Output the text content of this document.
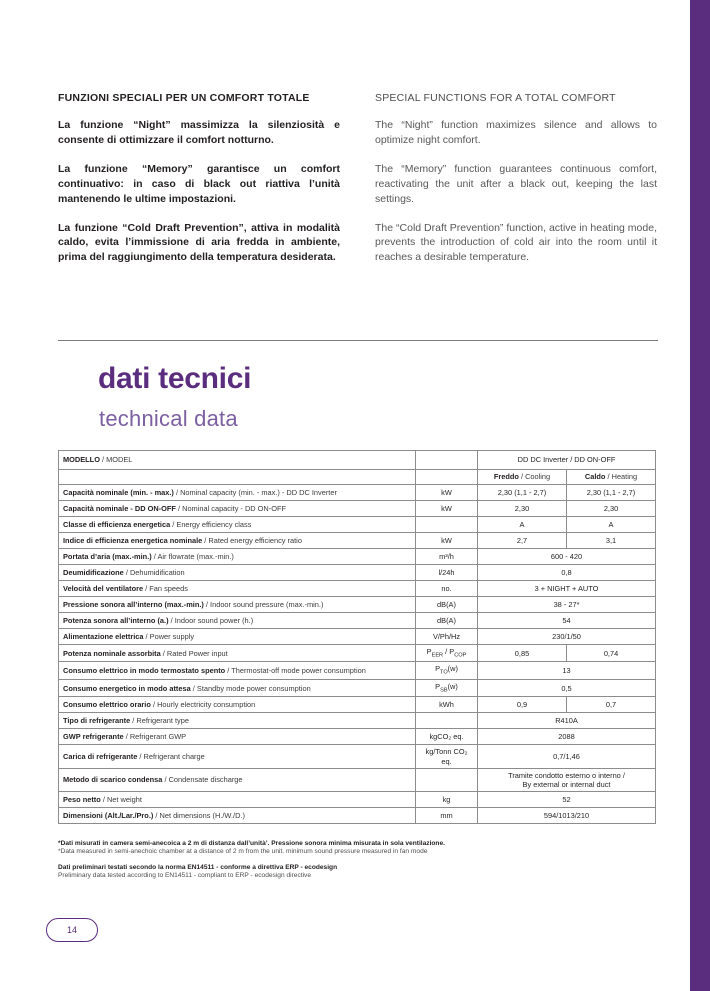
FUNZIONI SPECIALI PER UN COMFORT TOTALE

La funzione “Night” massimizza la silenziosità e consente di ottimizzare il comfort notturno.

La funzione “Memory” garantisce un comfort continuativo: in caso di black out riattiva l’unità mantenendo le ultime impostazioni.

La funzione “Cold Draft Prevention”, attiva in modalità caldo, evita l’immissione di aria fredda in ambiente, prima del raggiungimento della temperatura desiderata.

SPECIAL FUNCTIONS FOR A TOTAL COMFORT

The “Night” function maximizes silence and allows to optimize night comfort.

The “Memory” function guarantees continuous comfort, reactivating the unit after a black out, keeping the last settings.

The “Cold Draft Prevention” function, active in heating mode, prevents the introduction of cold air into the room until it reaches a desirable temperature.

dati tecnici
technical data
MODELLO / MODEL		DD DC Inverter / DD ON-OFF	
		Freddo / Cooling	Caldo / Heating
Capacità nominale (min. - max.) / Nominal capacity (min. - max.) - DD DC Inverter	kW	2,30 (1,1 - 2,7)	2,30 (1,1 - 2,7)
Capacità nominale - DD ON-OFF / Nominal capacity - DD ON-OFF	kW	2,30	2,30
Classe di efficienza energetica / Energy efficiency class		A	A
Indice di efficienza energetica nominale / Rated energy efficiency ratio	kW	2,7	3,1
Portata d’aria (max.-min.) / Air flowrate (max.-min.)	m³/h	600 - 420	
Deumidificazione / Dehumidification	l/24h	0,8	
Velocità del ventilatore / Fan speeds	no.	3 + NIGHT + AUTO	
Pressione sonora all’interno (max.-min.) / Indoor sound pressure (max.-min.)	dB(A)	38 - 27*	
Potenza sonora all’interno (a.) / Indoor sound power (h.)	dB(A)	54	
Alimentazione elettrica / Power supply	V/Ph/Hz	230/1/50	
Potenza nominale assorbita / Rated Power input	$P_{EER} / P_{COP}$	0,85	0,74
Consumo elettrico in modo termostato spento / Thermostat-off mode power consumption	$P_{TO}(w)$	13	
Consumo energetico in modo attesa / Standby mode power consumption	$P_{SB}(w)$	0,5	
Consumo elettrico orario / Hourly electricity consumption	kWh	0,9	0,7
Tipo di refrigerante / Refrigerant type		R410A	
GWP refrigerante / Refrigerant GWP	kgCO₂ eq.	2088	
Carica di refrigerante / Refrigerant charge	kg/Tonn CO₂ eq.	0,7/1,46	
Metodo di scarico condensa / Condensate discharge		Tramite condotto esterno o interno /
By external or internal duct	
Peso netto / Net weight	kg	52	
Dimensioni (Alt./Lar./Pro.) / Net dimensions (H./W./D.)	mm	594/1013/210	

*Dati misurati in camera semi-anecoica a 2 m di distanza dall’unità’. Pressione sonora minima misurata in sola ventilazione.

*Data measured in semi-anechoic chamber at a distance of 2 m from the unit. minimum sound pressure measured in fan mode

Dati preliminari testati secondo la norma EN14511 - conforme a direttiva ERP - ecodesign

Preliminary data tested according to EN14511 - compliant to ERP - ecodesign directive

14
